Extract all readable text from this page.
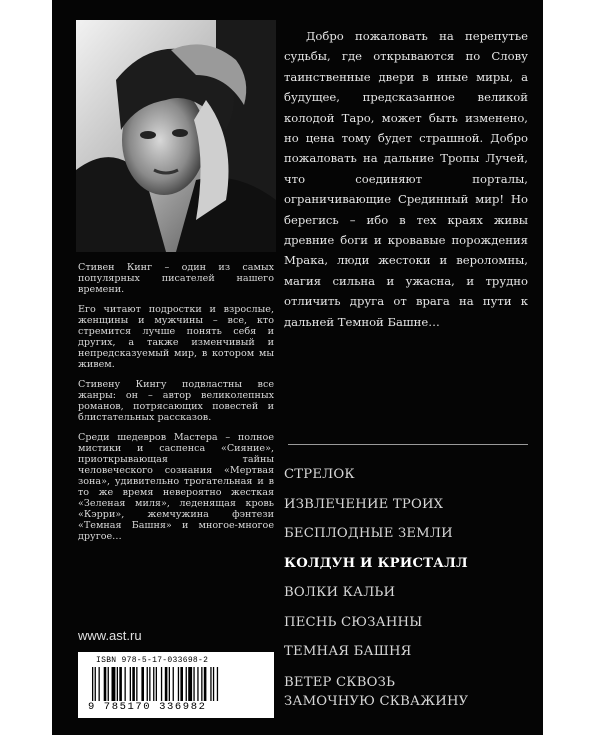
Стивен Кинг – один из самых популярных писателей нашего времени.

Его читают подростки и взрослые, женщины и мужчины – все, кто стремится лучше понять себя и других, а также изменчивый и непредсказуемый мир, в котором мы живем.

Стивену Кингу подвластны все жанры: он – автор великолепных романов, потрясающих повестей и блистательных рассказов.

Среди шедевров Мастера – полное мистики и саспенса «Сияние», приоткрывающая тайны человеческого сознания «Мертвая зона», удивительно трогательная и в то же время невероятно жесткая «Зеленая миля», леденящая кровь «Кэрри», жемчужина фэнтези «Темная Башня» и многое-многое другое…

Добро пожаловать на перепутье судьбы, где открываются по Слову таинственные двери в иные миры, а будущее, предсказанное великой колодой Таро, может быть изменено, но цена тому будет страшной. Добро пожаловать на дальние Тропы Лучей, что соединяют порталы, ограничивающие Срединный мир! Но берегись – ибо в тех краях живы древние боги и кровавые порождения Мрака, люди жестоки и вероломны, магия сильна и ужасна, и трудно отличить друга от врага на пути к дальней Темной Башне…

СТРЕЛОК
ИЗВЛЕЧЕНИЕ ТРОИХ
БЕСПЛОДНЫЕ ЗЕМЛИ
КОЛДУН И КРИСТАЛЛ
ВОЛКИ КАЛЬИ
ПЕСНЬ СЮЗАННЫ
ТЕМНАЯ БАШНЯ
ВЕТЕР СКВОЗЬ
ЗАМОЧНУЮ СКВАЖИНУ
www.ast.ru
ISBN 978-5-17-033698-2
9 785170 336982
